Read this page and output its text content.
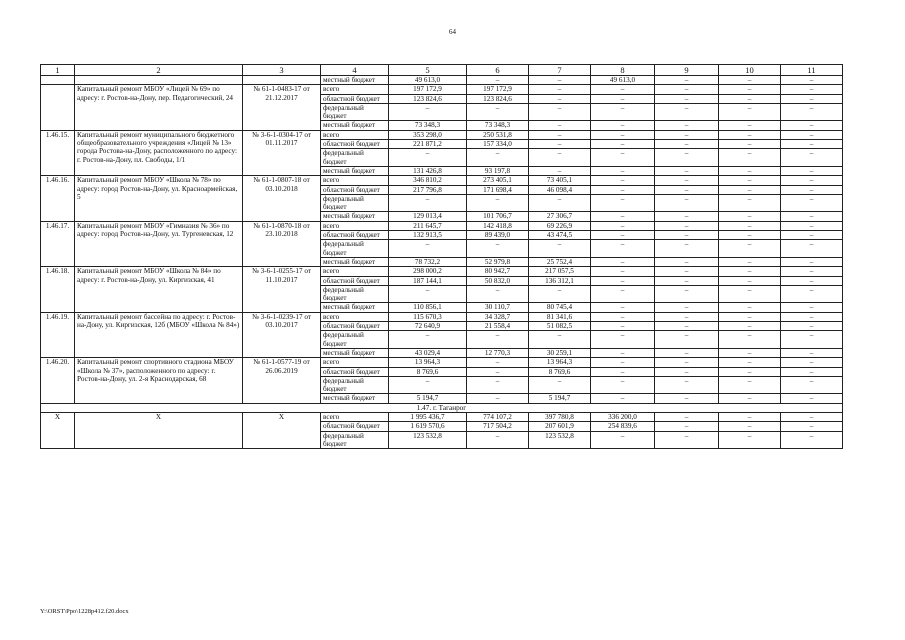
64
1	2	3	4	5	6	7	8	9	10	11
			местный бюджет	49 613,0	–	–	49 613,0	–	–	–
	Капитальный ремонт МБОУ «Лицей № 69» по адресу: г. Ростов-на-Дону, пер. Педагогический, 24	№ 61-1-0483-17 от 21.12.2017	всего	197 172,9	197 172,9	–	–	–	–	–
			областной бюджет	123 824,6	123 824,6	–	–	–	–	–
			федеральный бюджет	–	–	–	–	–	–	–
			местный бюджет	73 348,3	73 348,3	–	–	–	–	–
1.46.15.	Капитальный ремонт муниципального бюджетного общеобразовательного учреждения «Лицей № 13» города Ростова-на-Дону, расположенного по адресу: г. Ростов-на-Дону, пл. Свободы, 1/1	№ 3-6-1-0304-17 от 01.11.2017	всего	353 298,0	250 531,8	–	–	–	–	–
			областной бюджет	221 871,2	157 334,0	–	–	–	–	–
			федеральный бюджет	–	–	–	–	–	–	–
			местный бюджет	131 426,8	93 197,8	–	–	–	–	–
1.46.16.	Капитальный ремонт МБОУ «Школа № 78» по адресу: город Ростов-на-Дону, ул. Красноармейская, 5	№ 61-1-0807-18 от 03.10.2018	всего	346 810,2	273 405,1	73 405,1	–	–	–	–
			областной бюджет	217 796,8	171 698,4	46 098,4	–	–	–	–
			федеральный бюджет	–	–	–	–	–	–	–
			местный бюджет	129 013,4	101 706,7	27 306,7	–	–	–	–
1.46.17.	Капитальный ремонт МБОУ «Гимназия № 36» по адресу: город Ростов-на-Дону, ул. Тургеневская, 12	№ 61-1-0870-18 от 23.10.2018	всего	211 645,7	142 418,8	69 226,9	–	–	–	–
			областной бюджет	132 913,5	89 439,0	43 474,5	–	–	–	–
			федеральный бюджет	–	–	–	–	–	–	–
			местный бюджет	78 732,2	52 979,8	25 752,4	–	–	–	–
1.46.18.	Капитальный ремонт МБОУ «Школа № 84» по адресу: г. Ростов-на-Дону, ул. Киргизская, 41	№ 3-6-1-0255-17 от 11.10.2017	всего	298 000,2	80 942,7	217 057,5	–	–	–	–
			областной бюджет	187 144,1	50 832,0	136 312,1	–	–	–	–
			федеральный бюджет	–	–	–	–	–	–	–
			местный бюджет	110 856,1	30 110,7	80 745,4	–	–	–	–
1.46.19.	Капитальный ремонт бассейна по адресу: г. Ростов-на-Дону, ул. Киргизская, 12б (МБОУ «Школа № 84»)	№ 3-6-1-0239-17 от 03.10.2017	всего	115 670,3	34 328,7	81 341,6	–	–	–	–
			областной бюджет	72 640,9	21 558,4	51 082,5	–	–	–	–
			федеральный бюджет	–	–	–	–	–	–	–
			местный бюджет	43 029,4	12 770,3	30 259,1	–	–	–	–
1.46.20.	Капитальный ремонт спортивного стадиона МБОУ «Школа № 37», расположенного по адресу: г. Ростов-на-Дону, ул. 2-я Краснодарская, 68	№ 61-1-0577-19 от 26.06.2019	всего	13 964,3	–	13 964,3	–	–	–	–
			областной бюджет	8 769,6	–	8 769,6	–	–	–	–
			федеральный бюджет	–	–	–	–	–	–	–
			местный бюджет	5 194,7	–	5 194,7	–	–	–	–
1.47. г. Таганрог										
Х	Х	Х	всего	1 995 436,7	774 107,2	397 780,8	336 200,0	–	–	–
			областной бюджет	1 619 570,6	717 504,2	207 601,9	254 839,6	–	–	–
			федеральный бюджет	123 532,8	–	123 532,8	–	–	–	–
Y:\ORST\Ppo\1228p412.f20.docx
